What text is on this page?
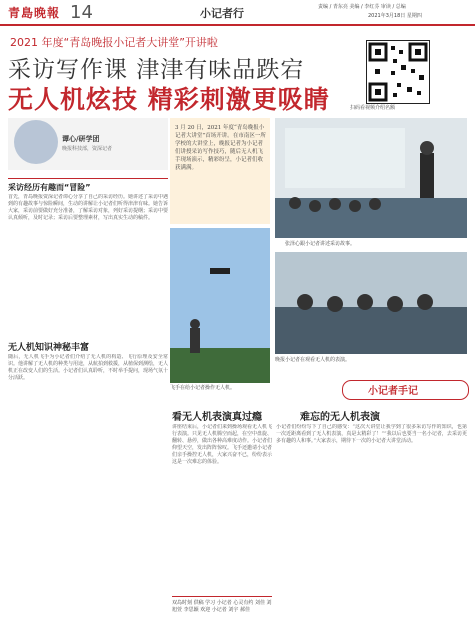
青島晚報 14	小记者行	责编 / 青东亮 美编 / 李红芬 审读 / 总编
2021年3月18日 星期四
2021 年度“青岛晚报小记者大讲堂”开讲啦
采访写作课 津津有味品跌宕
无人机炫技 精彩刺激更吸睛	扫码看视频介绍名额
谭心/研学团
晚报科技部，资深记者
3 月 20 日，2021 年度“青岛晚报小记者大讲堂”首场开讲。在市南区一所学校的大讲堂上，晚报记者为小记者们讲授采访写作技巧，随后无人机飞手现场演示，精彩纷呈，小记者们收获满满。
张泽心跟小记者讲述采访故事。
采访经历有趣而“冒险”
首先，青岛晚报资深记者谭心分享了自己的采访经历。她讲述了采访中遇到的有趣故事与惊险瞬间，生动的讲解让小记者们听得津津有味。她告诉大家，采访前要做好充分准备，了解采访对象，列好采访提纲；采访中要认真倾听，及时记录；采访后要整理素材，写出真实生动的稿件。
无人机知识神秘丰富
随后，无人机飞手为小记者们介绍了无人机的构造、飞行原理及安全常识。他讲解了无人机的种类与用途，从航拍到救援，从植保到测绘，无人机正在改变人们的生活。小记者们认真聆听，不时举手提问，现场气氛十分活跃。
飞手在给小记者操作无人机。
晚报小记者在观看无人机的表演。
小记者手记
看无人机表演真过瘾
讲座结束后，小记者们来到操场观看无人机飞行表演。只见无人机腾空而起，在空中盘旋、翻转、悬停，做出各种高难度动作。小记者们仰望天空，发出阵阵惊叹。飞手还邀请小记者们亲手操控无人机，大家兴奋不已，纷纷表示这是一次难忘的体验。
难忘的无人机表演
小记者们纷纷写下了自己的感受：“这次大讲堂让我学到了很多采访写作的知识，也第一次近距离看到了无人机表演，真是太精彩了！”“我以后也要当一名小记者，去采访更多有趣的人和事。”大家表示，期待下一次的小记者大讲堂活动。
双岛时刻 供稿 学习 小记者 心灵有约 刘佳 刘旭萱 李思颖 欢迎 小记者 刘宇 郝佳
